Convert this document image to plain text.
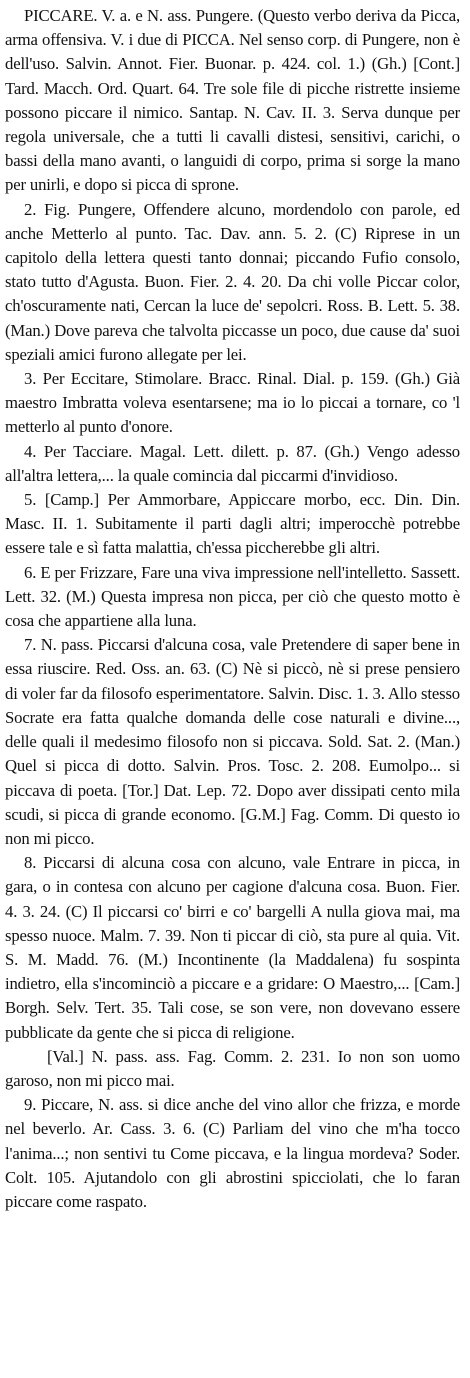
PICCARE. V. a. e N. ass. Pungere. (Questo verbo deriva da Picca, arma offensiva. V. i due di PICCA. Nel senso corp. di Pungere, non è dell'uso. Salvin. Annot. Fier. Buonar. p. 424. col. 1.) (Gh.) [Cont.] Tard. Macch. Ord. Quart. 64. Tre sole file di picche ristrette insieme possono piccare il nimico. Santap. N. Cav. II. 3. Serva dunque per regola universale, che a tutti li cavalli distesi, sensitivi, carichi, o bassi della mano avanti, o languidi di corpo, prima si sorge la mano per unirli, e dopo si picca di sprone.

2. Fig. Pungere, Offendere alcuno, mordendolo con parole, ed anche Metterlo al punto. Tac. Dav. ann. 5. 2. (C) Riprese in un capitolo della lettera questi tanto donnai; piccando Fufio consolo, stato tutto d'Agusta. Buon. Fier. 2. 4. 20. Da chi volle Piccar color, ch'oscuramente nati, Cercan la luce de' sepolcri. Ross. B. Lett. 5. 38. (Man.) Dove pareva che talvolta piccasse un poco, due cause da' suoi speziali amici furono allegate per lei.

3. Per Eccitare, Stimolare. Bracc. Rinal. Dial. p. 159. (Gh.) Già maestro Imbratta voleva esentarsene; ma io lo piccai a tornare, co 'l metterlo al punto d'onore.

4. Per Tacciare. Magal. Lett. dilett. p. 87. (Gh.) Vengo adesso all'altra lettera,... la quale comincia dal piccarmi d'invidioso.

5. [Camp.] Per Ammorbare, Appiccare morbo, ecc. Din. Din. Masc. II. 1. Subitamente il parti dagli altri; imperocchè potrebbe essere tale e sì fatta malattia, ch'essa piccherebbe gli altri.

6. E per Frizzare, Fare una viva impressione nell'intelletto. Sassett. Lett. 32. (M.) Questa impresa non picca, per ciò che questo motto è cosa che appartiene alla luna.

7. N. pass. Piccarsi d'alcuna cosa, vale Pretendere di saper bene in essa riuscire. Red. Oss. an. 63. (C) Nè si piccò, nè si prese pensiero di voler far da filosofo esperimentatore. Salvin. Disc. 1. 3. Allo stesso Socrate era fatta qualche domanda delle cose naturali e divine..., delle quali il medesimo filosofo non si piccava. Sold. Sat. 2. (Man.) Quel si picca di dotto. Salvin. Pros. Tosc. 2. 208. Eumolpo... si piccava di poeta. [Tor.] Dat. Lep. 72. Dopo aver dissipati cento mila scudi, si picca di grande economo. [G.M.] Fag. Comm. Di questo io non mi picco.

8. Piccarsi di alcuna cosa con alcuno, vale Entrare in picca, in gara, o in contesa con alcuno per cagione d'alcuna cosa. Buon. Fier. 4. 3. 24. (C) Il piccarsi co' birri e co' bargelli A nulla giova mai, ma spesso nuoce. Malm. 7. 39. Non ti piccar di ciò, sta pure al quia. Vit. S. M. Madd. 76. (M.) Incontinente (la Maddalena) fu sospinta indietro, ella s'incominciò a piccare e a gridare: O Maestro,... [Cam.] Borgh. Selv. Tert. 35. Tali cose, se son vere, non dovevano essere pubblicate da gente che si picca di religione.

[Val.] N. pass. ass. Fag. Comm. 2. 231. Io non son uomo garoso, non mi picco mai.

9. Piccare, N. ass. si dice anche del vino allor che frizza, e morde nel beverlo. Ar. Cass. 3. 6. (C) Parliam del vino che m'ha tocco l'anima...; non sentivi tu Come piccava, e la lingua mordeva? Soder. Colt. 105. Ajutandolo con gli abrostini spicciolati, che lo faran piccare come raspato.
